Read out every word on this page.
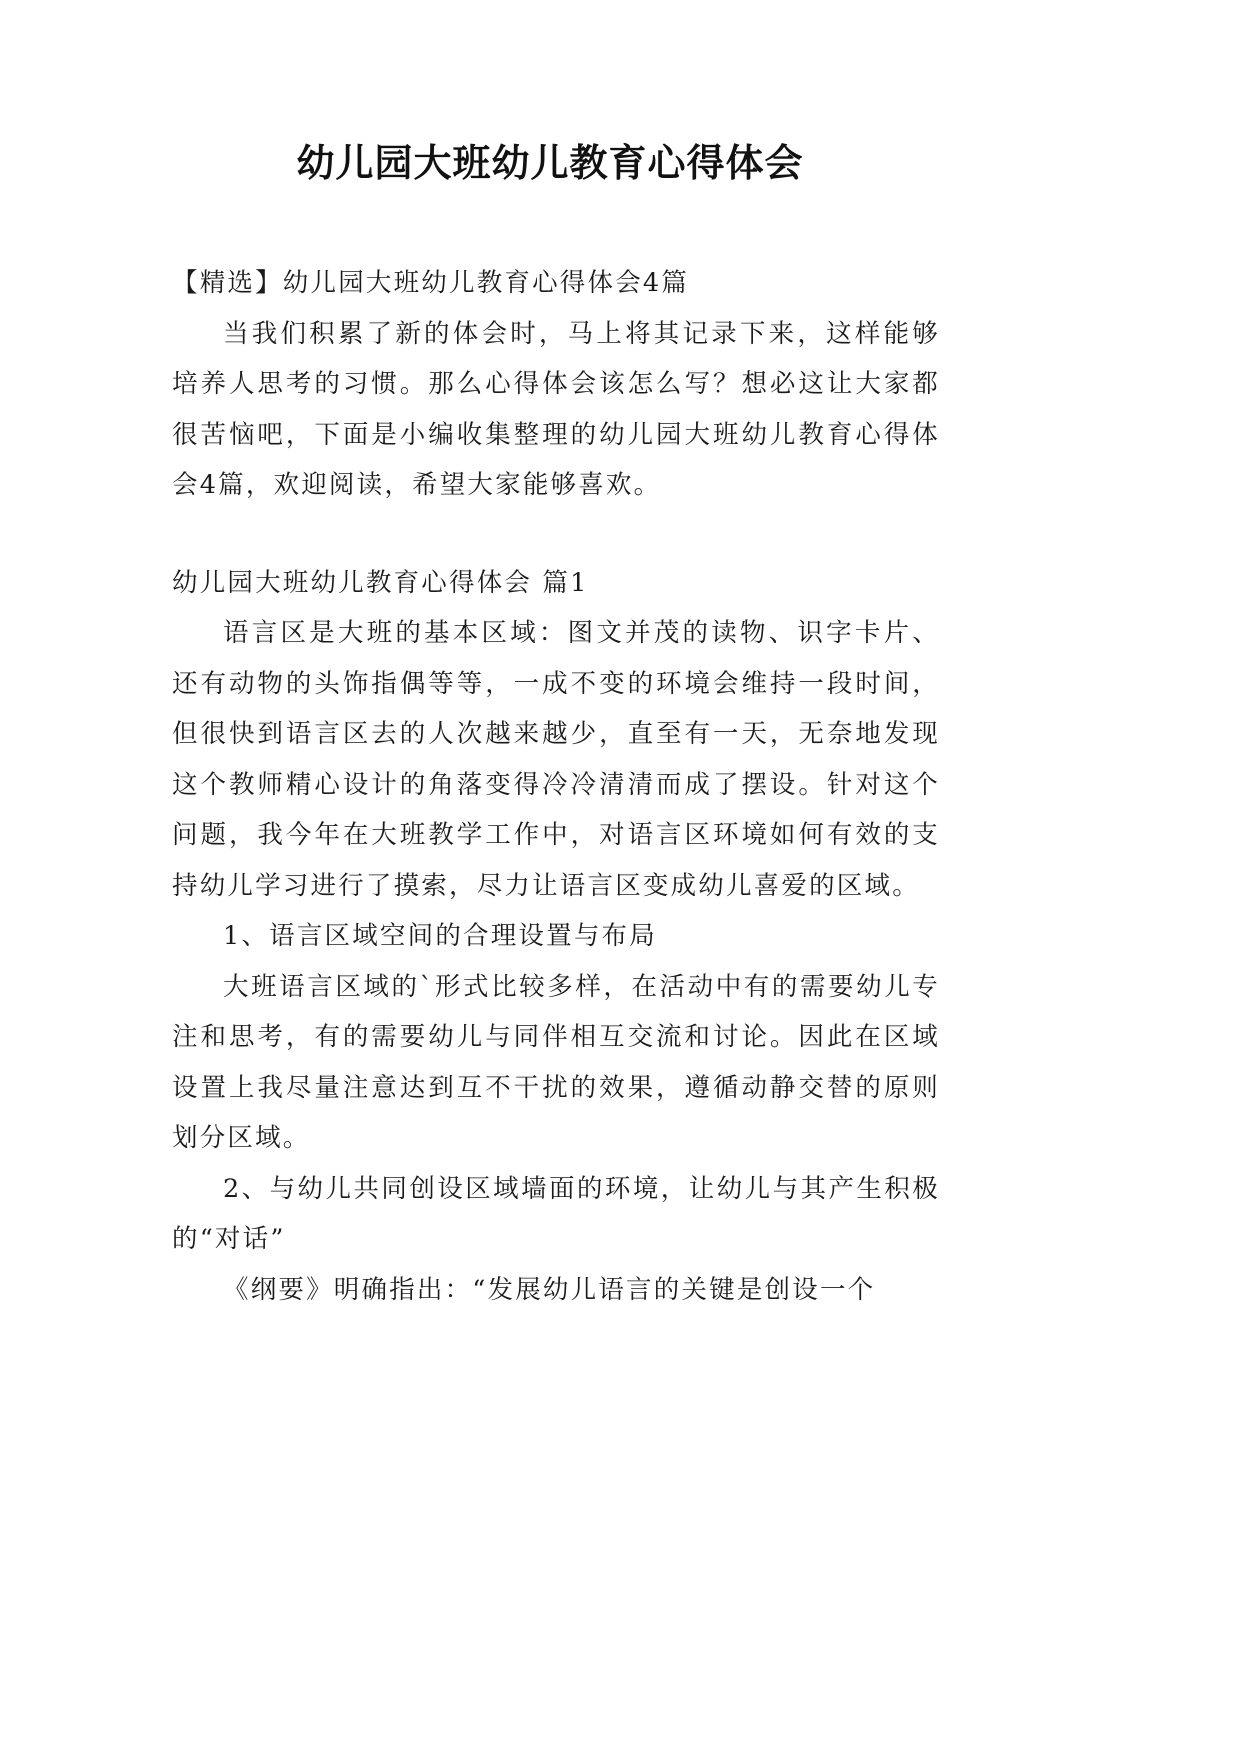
幼儿园大班幼儿教育心得体会

【精选】幼儿园大班幼儿教育心得体会4篇

当我们积累了新的体会时，马上将其记录下来，这样能够培养人思考的习惯。那么心得体会该怎么写？想必这让大家都很苦恼吧，下面是小编收集整理的幼儿园大班幼儿教育心得体会4篇，欢迎阅读，希望大家能够喜欢。

幼儿园大班幼儿教育心得体会 篇1

语言区是大班的基本区域：图文并茂的读物、识字卡片、还有动物的头饰指偶等等，一成不变的环境会维持一段时间，但很快到语言区去的人次越来越少，直至有一天，无奈地发现这个教师精心设计的角落变得冷冷清清而成了摆设。针对这个问题，我今年在大班教学工作中，对语言区环境如何有效的支持幼儿学习进行了摸索，尽力让语言区变成幼儿喜爱的区域。

1、语言区域空间的合理设置与布局

大班语言区域的`形式比较多样，在活动中有的需要幼儿专注和思考，有的需要幼儿与同伴相互交流和讨论。因此在区域设置上我尽量注意达到互不干扰的效果，遵循动静交替的原则划分区域。

2、与幼儿共同创设区域墙面的环境，让幼儿与其产生积极的“对话”

《纲要》明确指出：“发展幼儿语言的关键是创设一个
